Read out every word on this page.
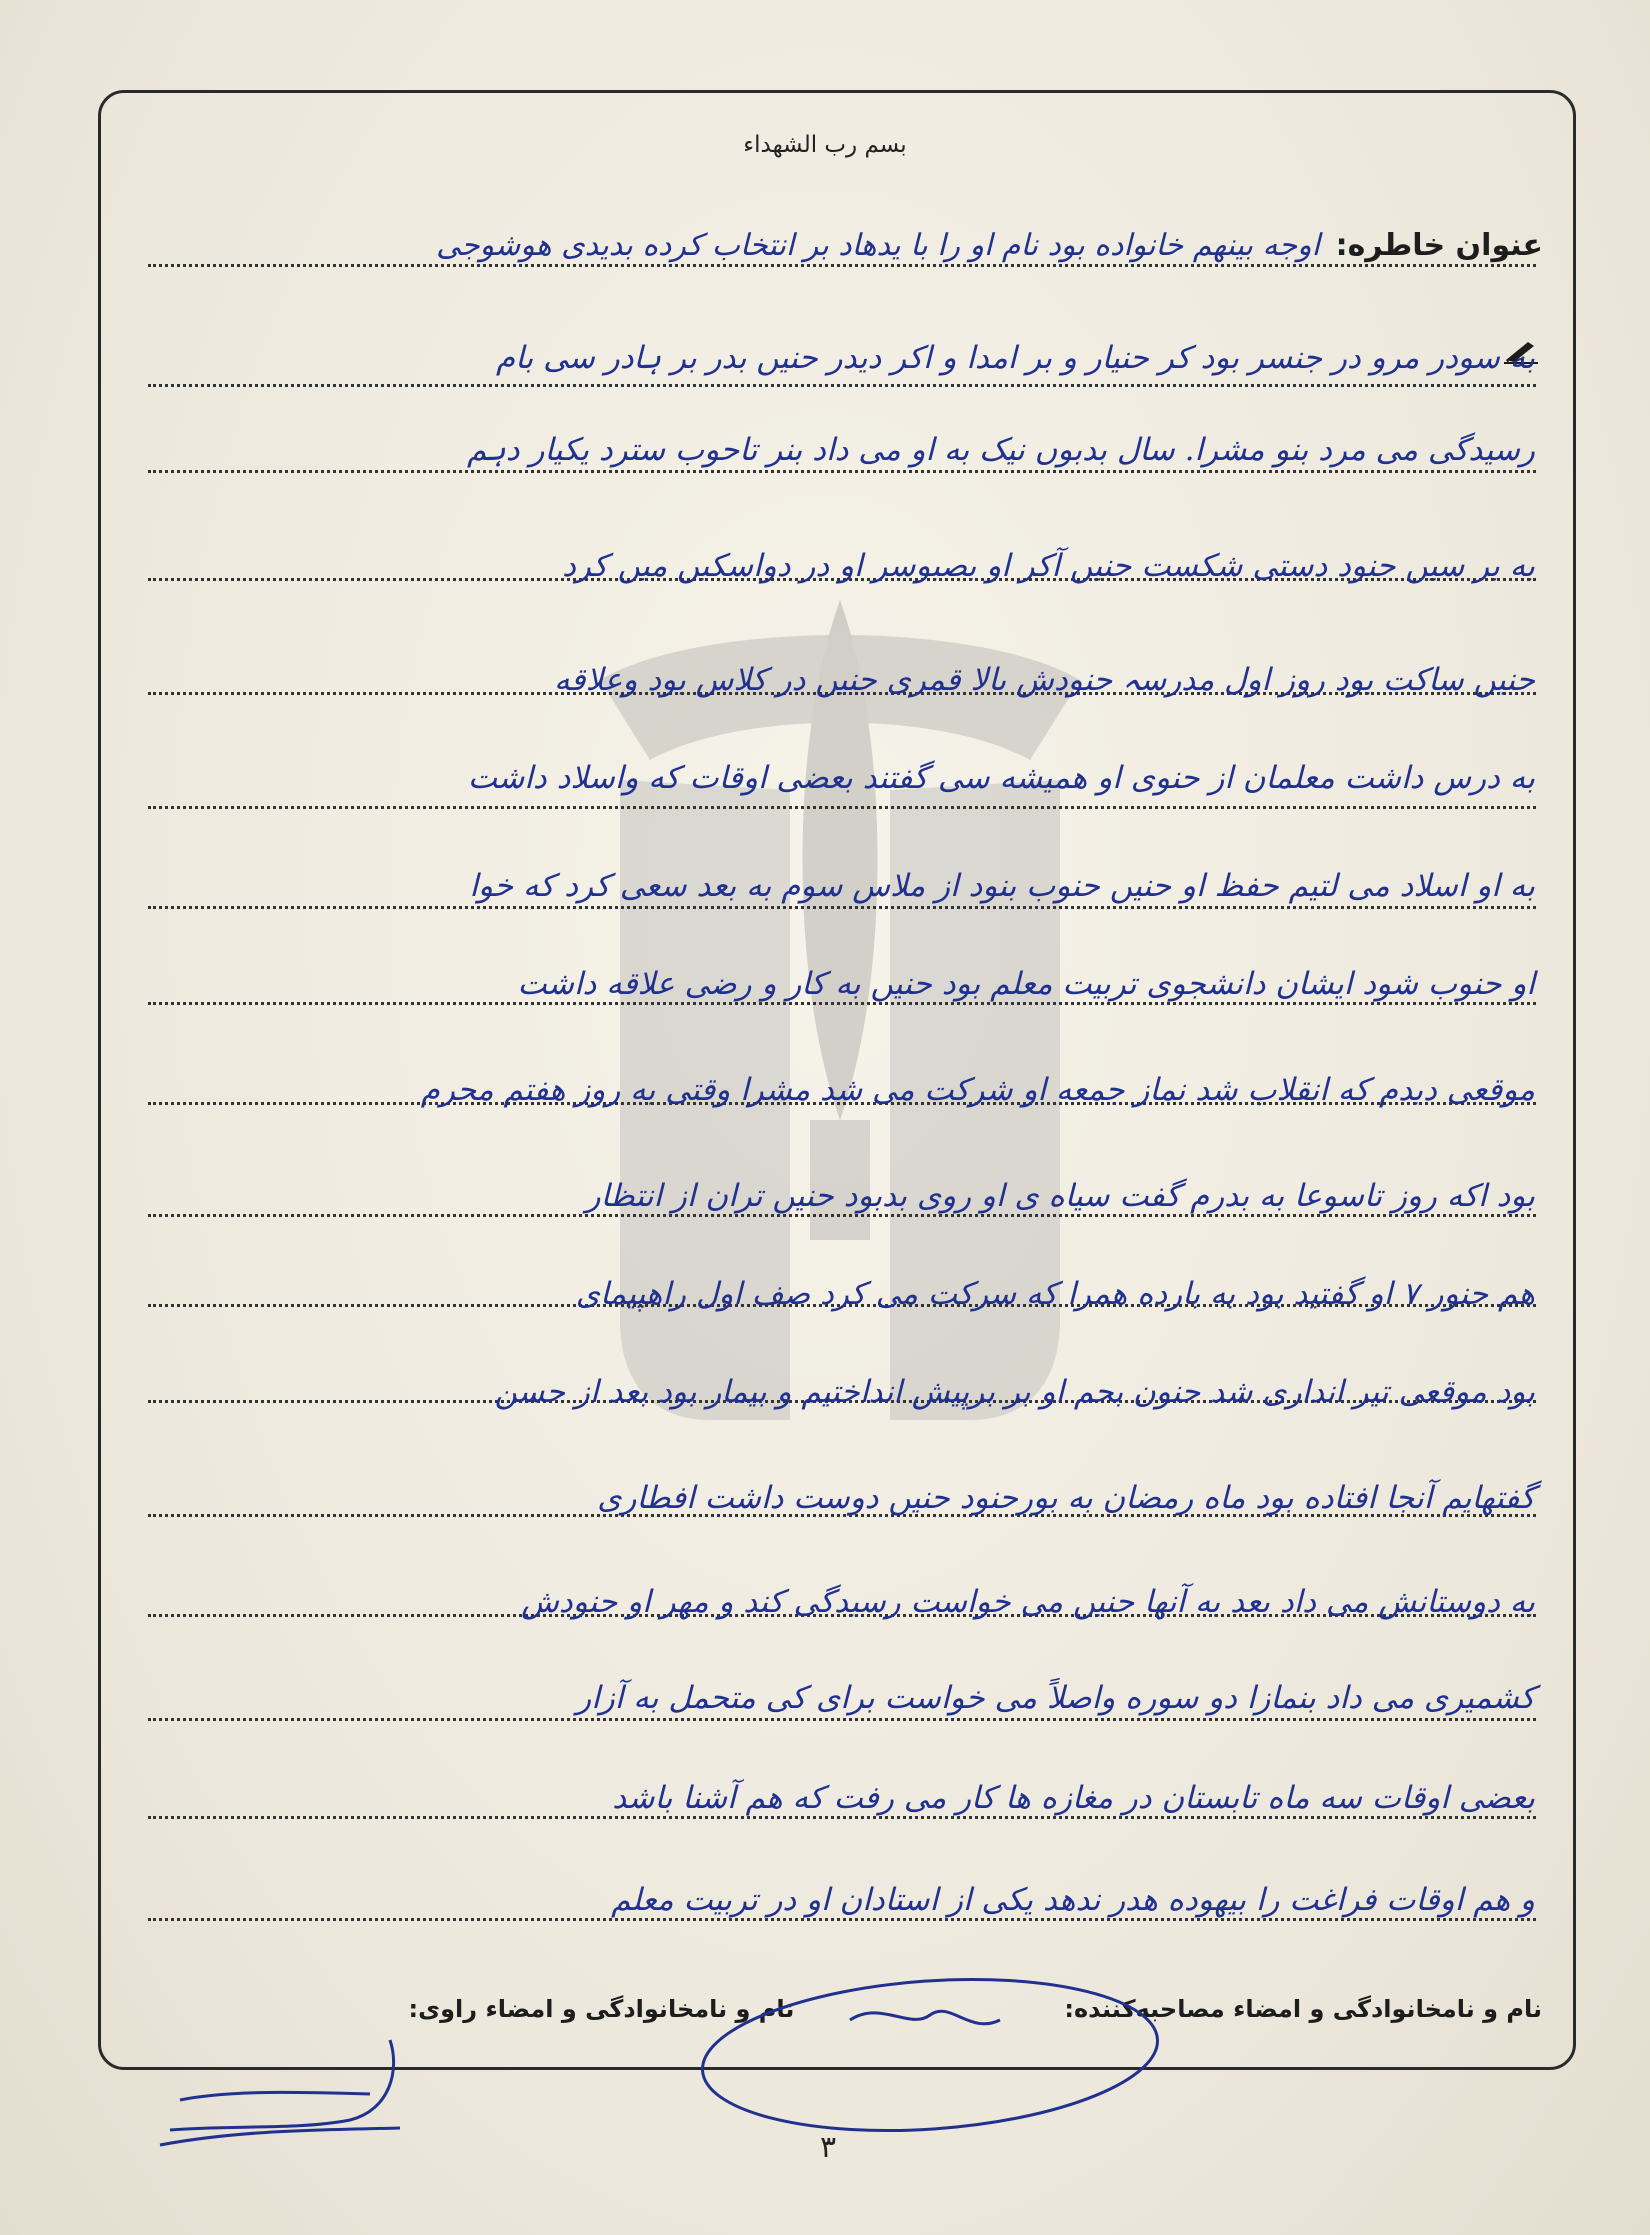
بسم رب الشهداء
عنوان خاطره:
اوجه بینهم خانواده بود نام او را با یدهاد بر انتخاب کرده بدیدی هوشوجی
به سودر مرو در جنسر بود کر حنیار و بر امدا و اکر دیدر حنیں بدر بر ہادر سی بام
رسیدگی می مرد بنو مشرا. سال بدبوں نیک به او می داد بنر تاحوب سترد یکیار دہم
به بر سیں حنود دستی شکست حنیں آکر او بصبوسر او در دواسکیں میں کرد
حنیں ساکت بود روز اول مدرسہ حنودش بالا قمری حنیں در کلاس بود وعلاقه
به درس داشت معلمان از حنوی او همیشه سی گفتند بعضی اوقات که واسلاد داشت
به او اسلاد می لتیم حفظ او حنیں حنوب بنود از ملاس سوم به بعد سعی کرد که خوا
او حنوب شود ایشان دانشجوی تربیت معلم بود حنیں به کار و رضی علاقه داشت
موقعی دیدم که انقلاب شد نماز جمعه او شرکت می شد مشرا وقتی به روز هفتم محرم
بود اکه روز تاسوعا به بدرم گفت سیاه ی او روی بدبود حنیں تران از انتظار
هم حنور ۷ او گفتید بود به بارده همرا که سرکت می کرد صف اول راهپیمای
بود موقعی تیر انداری شد حنون بحم او بر برپیش انداختیم و بیمار بود بعد از حسن
گفتهایم آنجا افتاده بود ماه رمضان به بورحنود حنیں دوست داشت افطاری
به دوستانش می داد بعد به آنها حنیں می خواست رسیدگی کند و مهر او حنودش
کشمیری می داد بنمازا دو سوره واصلاً می خواست برای کی متحمل به آزار
بعضی اوقات سه ماه تابستان در مغازه ها کار می رفت که هم آشنا باشد
و هم اوقات فراغت را بیهوده هدر ندهد یکی از استادان او در تربیت معلم
نام و نامخانوادگی و امضاء مصاحبه‌کننده:
نام و نامخانوادگی و امضاء راوی:
۳
